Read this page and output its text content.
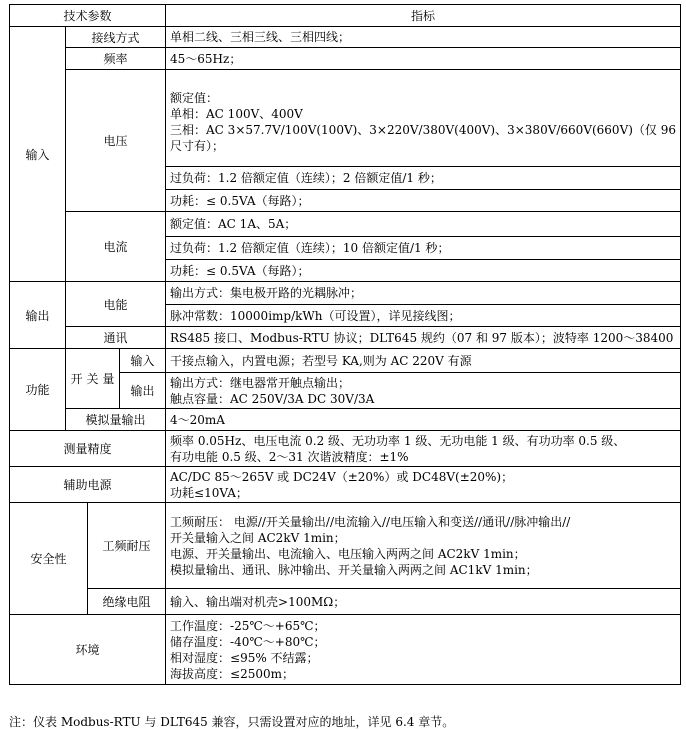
技术参数				指标
输入	接线方式			单相二线、三相三线、三相四线；
	频率			45～65Hz；
	电压			额定值：
单相：AC 100V、400V
三相：AC 3×57.7V/100V(100V)、3×220V/380V(400V)、3×380V/660V(660V)（仅 96
尺寸有）；

				过负荷：1.2 倍额定值（连续）；2 倍额定值/1 秒；
				功耗：≤ 0.5VA（每路）；
	电流			额定值：AC 1A、5A；
				过负荷：1.2 倍额定值（连续）；10 倍额定值/1 秒；
				功耗：≤ 0.5VA（每路）；
输出	电能			输出方式：集电极开路的光耦脉冲；
				脉冲常数：10000imp/kWh（可设置），详见接线图；
	通讯			RS485 接口、Modbus-RTU 协议；DLT645 规约（07 和 97 版本）；波特率 1200～38400
功能	开 关 量		输入	干接点输入，内置电源；若型号 KA,则为 AC 220V 有源
			输出	输出方式：继电器常开触点输出；
触点容量：AC 250V/3A DC 30V/3A

	模拟量输出			4～20mA
测量精度				频率 0.05Hz、电压电流 0.2 级、无功功率 1 级、无功电能 1 级、有功功率 0.5 级、
有功电能 0.5 级、2～31 次谐波精度：±1%

辅助电源				AC/DC 85～265V 或 DC24V（±20%）或 DC48V(±20%)；
功耗≤10VA；

安全性		工频耐压		工频耐压： 电源//开关量输出//电流输入//电压输入和变送//通讯//脉冲输出//
开关量输入之间 AC2kV 1min；
电源、开关量输出、电流输入、电压输入两两之间 AC2kV 1min；
模拟量输出、通讯、脉冲输出、开关量输入两两之间 AC1kV 1min；

		绝缘电阻		输入、输出端对机壳>100MΩ；
环境				工作温度：-25℃～+65℃；
储存温度：-40℃～+80℃；
相对湿度：≤95% 不结露；
海拔高度：≤2500m；
注：仪表 Modbus-RTU 与 DLT645 兼容，只需设置对应的地址，详见 6.4 章节。
